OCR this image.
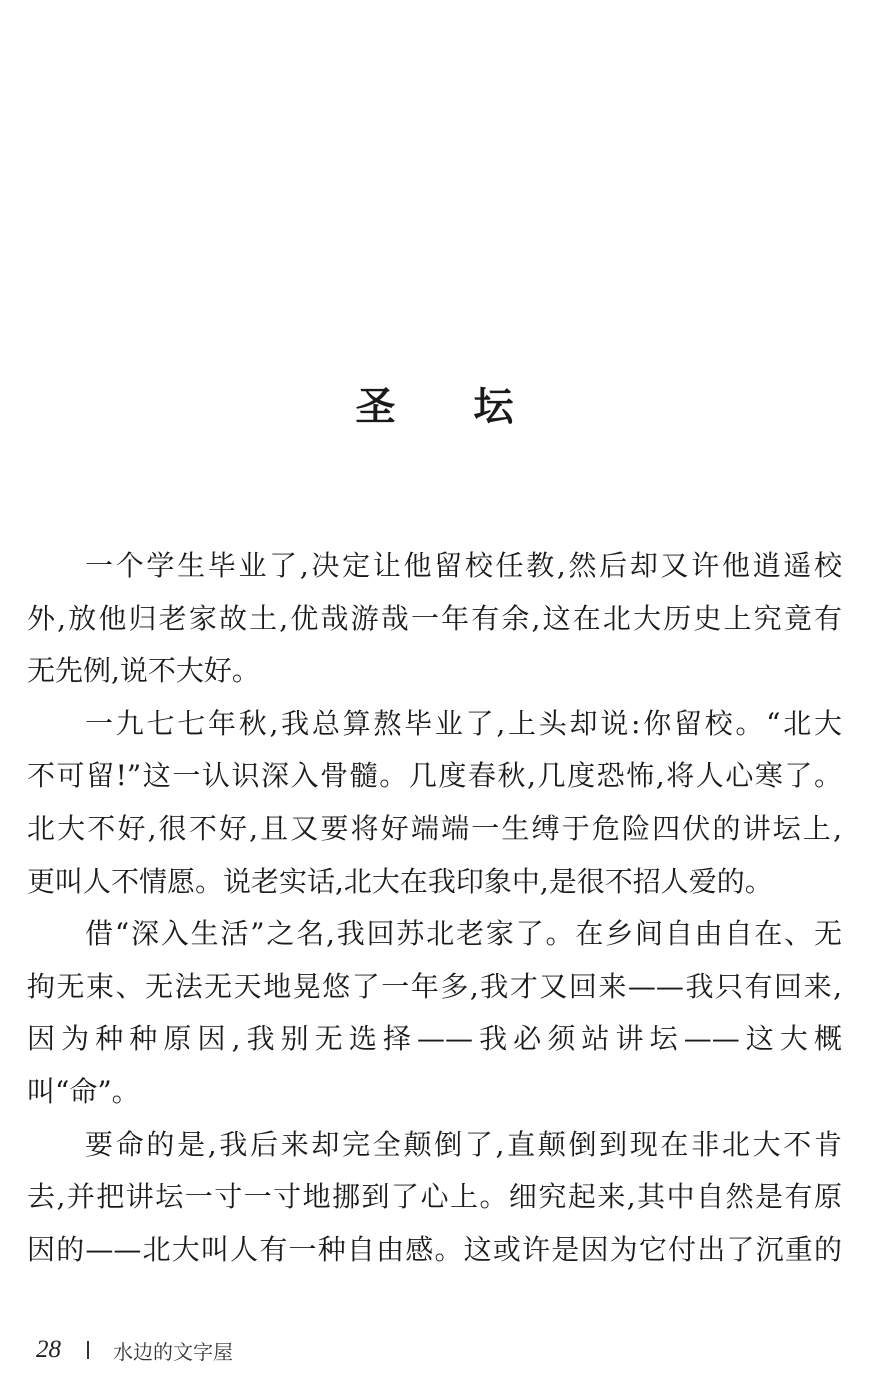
圣 坛
一个学生毕业了,决定让他留校任教,然后却又许他逍遥校
外,放他归老家故土,优哉游哉一年有余,这在北大历史上究竟有
无先例,说不大好。
一九七七年秋,我总算熬毕业了,上头却说:你留校。“北大
不可留!”这一认识深入骨髓。几度春秋,几度恐怖,将人心寒了。
北大不好,很不好,且又要将好端端一生缚于危险四伏的讲坛上,
更叫人不情愿。说老实话,北大在我印象中,是很不招人爱的。
借“深入生活”之名,我回苏北老家了。在乡间自由自在、无
拘无束、无法无天地晃悠了一年多,我才又回来——我只有回来,
因为种种原因,我别无选择——我必须站讲坛——这大概
叫“命”。
要命的是,我后来却完全颠倒了,直颠倒到现在非北大不肯
去,并把讲坛一寸一寸地挪到了心上。细究起来,其中自然是有原
因的——北大叫人有一种自由感。这或许是因为它付出了沉重的
28	水边的文字屋
